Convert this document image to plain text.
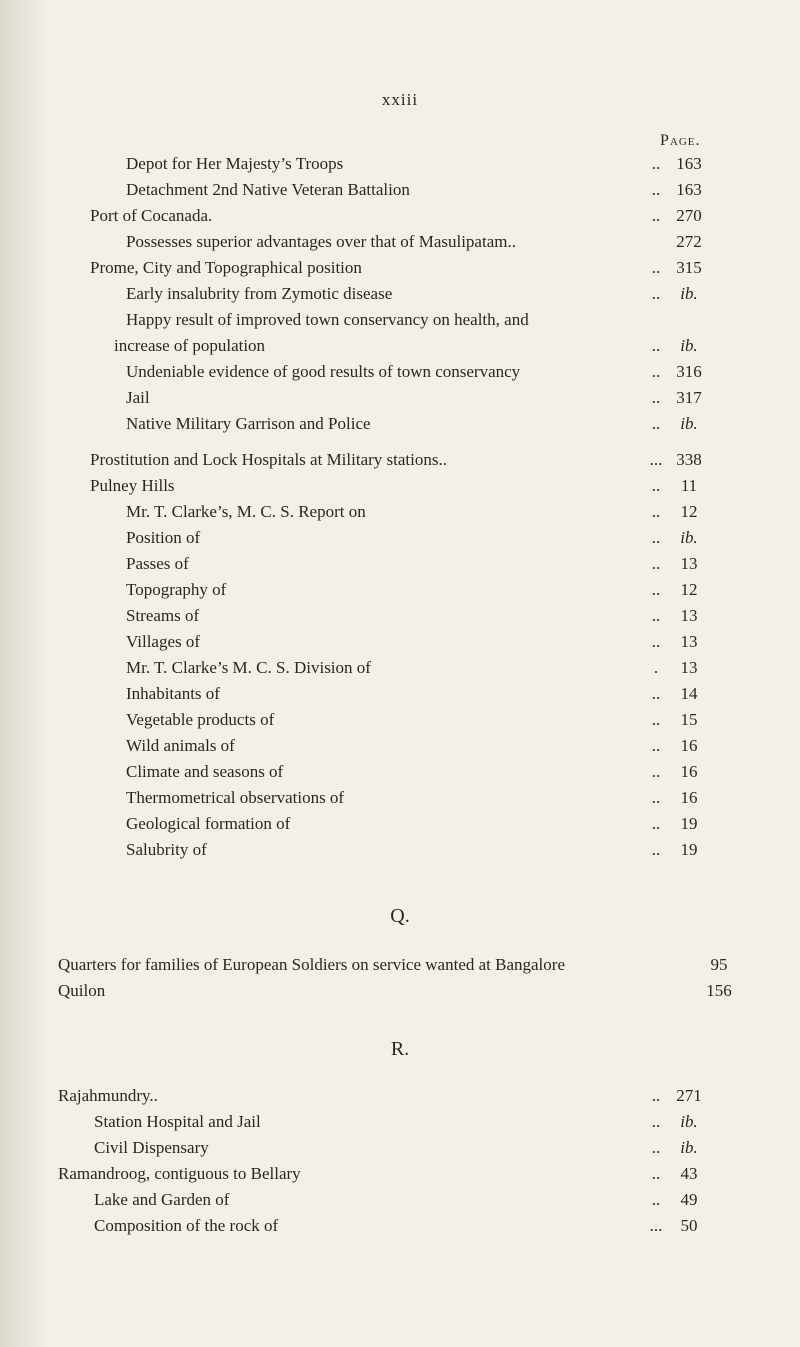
xxiii
Page.
Depot for Her Majesty’s Troops	.. 163
Detachment 2nd Native Veteran Battalion	.. 163
Port of Cocanada.	.. 270
Possesses superior advantages over that of Masulipatam..	272
Prome, City and Topographical position	.. 315
Early insalubrity from Zymotic disease	..	ib.
Happy result of improved town conservancy on health, and
increase of population	..	ib.
Undeniable evidence of good results of town conservancy	.. 316
Jail	.. 317
Native Military Garrison and Police	..	ib.
Prostitution and Lock Hospitals at Military stations..	... 338
Pulney Hills	..	11
Mr. T. Clarke’s, M. C. S. Report on	..	12
Position of	..	ib.
Passes of	..	13
Topography of	..	12
Streams of	..	13
Villages of	..	13
Mr. T. Clarke’s M. C. S. Division of	.	13
Inhabitants of	..	14
Vegetable products of	..	15
Wild animals of	..	16
Climate and seasons of	..	16
Thermometrical observations of	..	16
Geological formation of	..	19
Salubrity of	..	19
Q.
Quarters for families of European Soldiers on service wanted at Bangalore	95
Quilon	156
R.
Rajahmundry..	.. 271
Station Hospital and Jail	..	ib.
Civil Dispensary	..	ib.
Ramandroog, contiguous to Bellary	..	43
Lake and Garden of	..	49
Composition of the rock of	...	50
